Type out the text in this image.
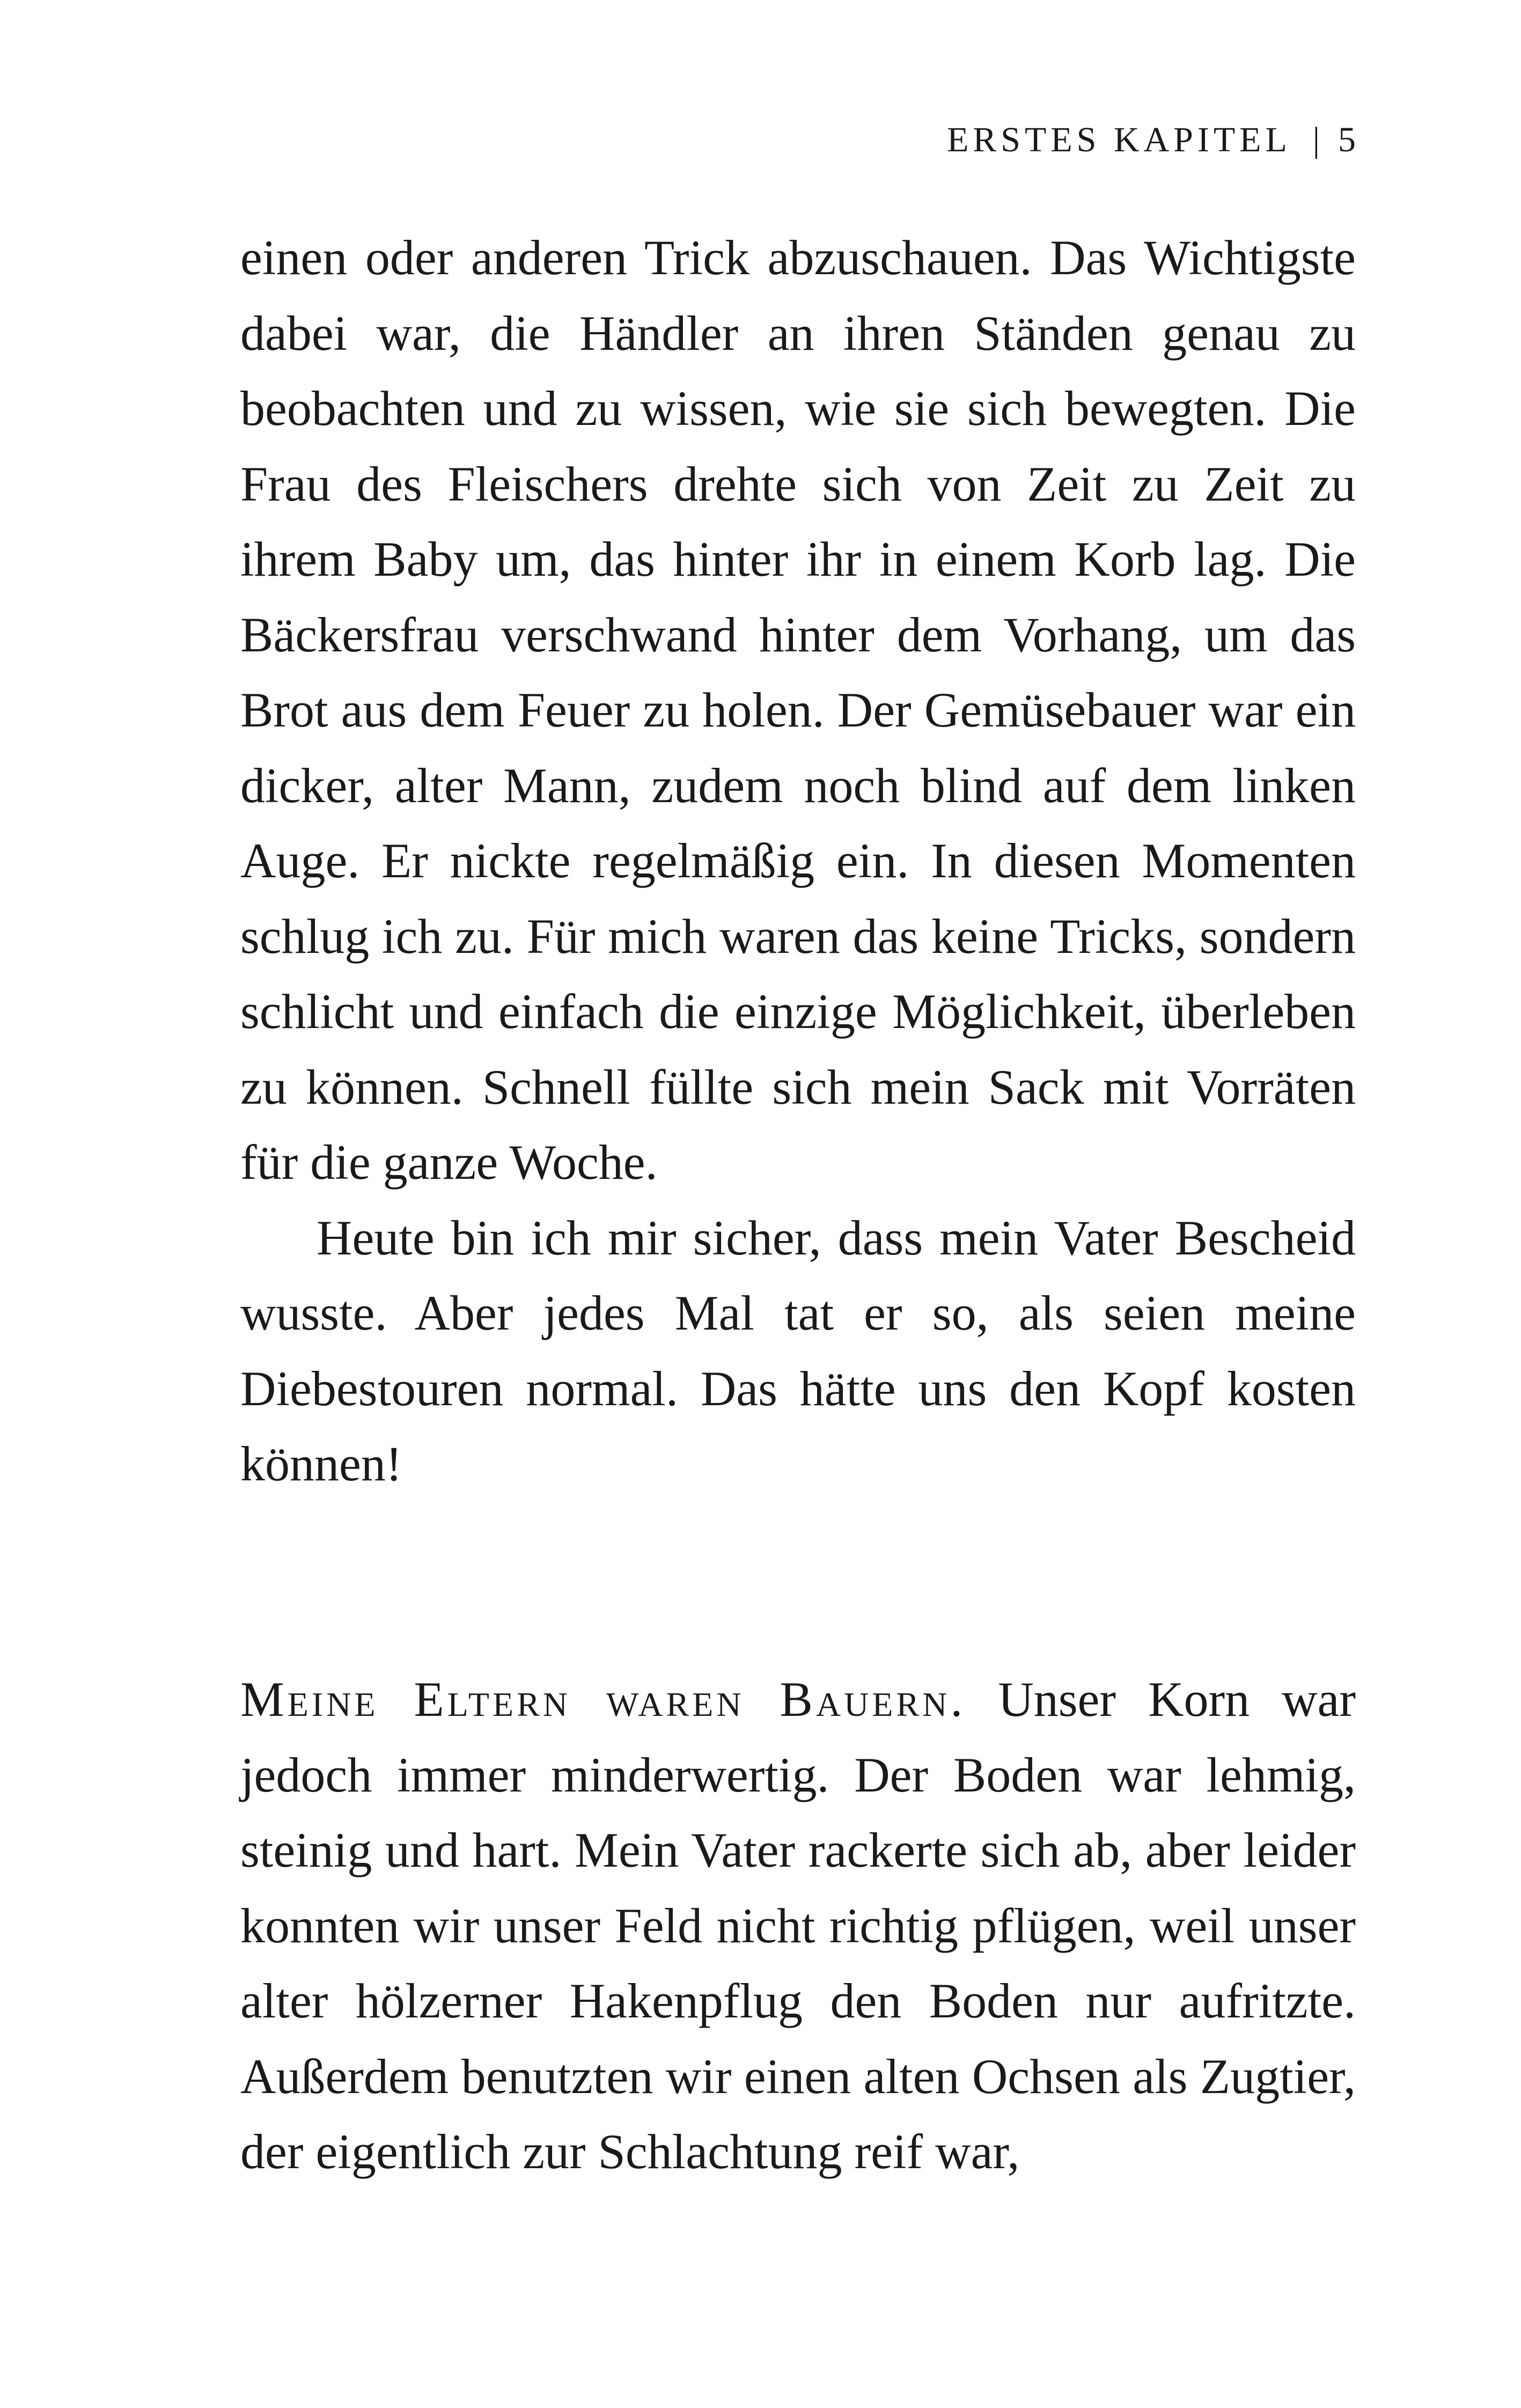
ERSTES KAPITEL | 5

einen oder anderen Trick abzuschauen. Das Wichtigste dabei war, die Händler an ihren Ständen genau zu beobachten und zu wissen, wie sie sich bewegten. Die Frau des Fleischers drehte sich von Zeit zu Zeit zu ihrem Baby um, das hinter ihr in einem Korb lag. Die Bäckersfrau verschwand hinter dem Vorhang, um das Brot aus dem Feuer zu holen. Der Gemüsebauer war ein dicker, alter Mann, zudem noch blind auf dem linken Auge. Er nickte regelmäßig ein. In diesen Momenten schlug ich zu. Für mich waren das keine Tricks, sondern schlicht und einfach die einzige Möglichkeit, überleben zu können. Schnell füllte sich mein Sack mit Vorräten für die ganze Woche.

Heute bin ich mir sicher, dass mein Vater Bescheid wusste. Aber jedes Mal tat er so, als seien meine Diebestouren normal. Das hätte uns den Kopf kosten können!

Meine Eltern waren Bauern. Unser Korn war jedoch immer minderwertig. Der Boden war lehmig, steinig und hart. Mein Vater rackerte sich ab, aber leider konnten wir unser Feld nicht richtig pflügen, weil unser alter hölzerner Hakenpflug den Boden nur aufritzte. Außerdem benutzten wir einen alten Ochsen als Zugtier, der eigentlich zur Schlachtung reif war,
